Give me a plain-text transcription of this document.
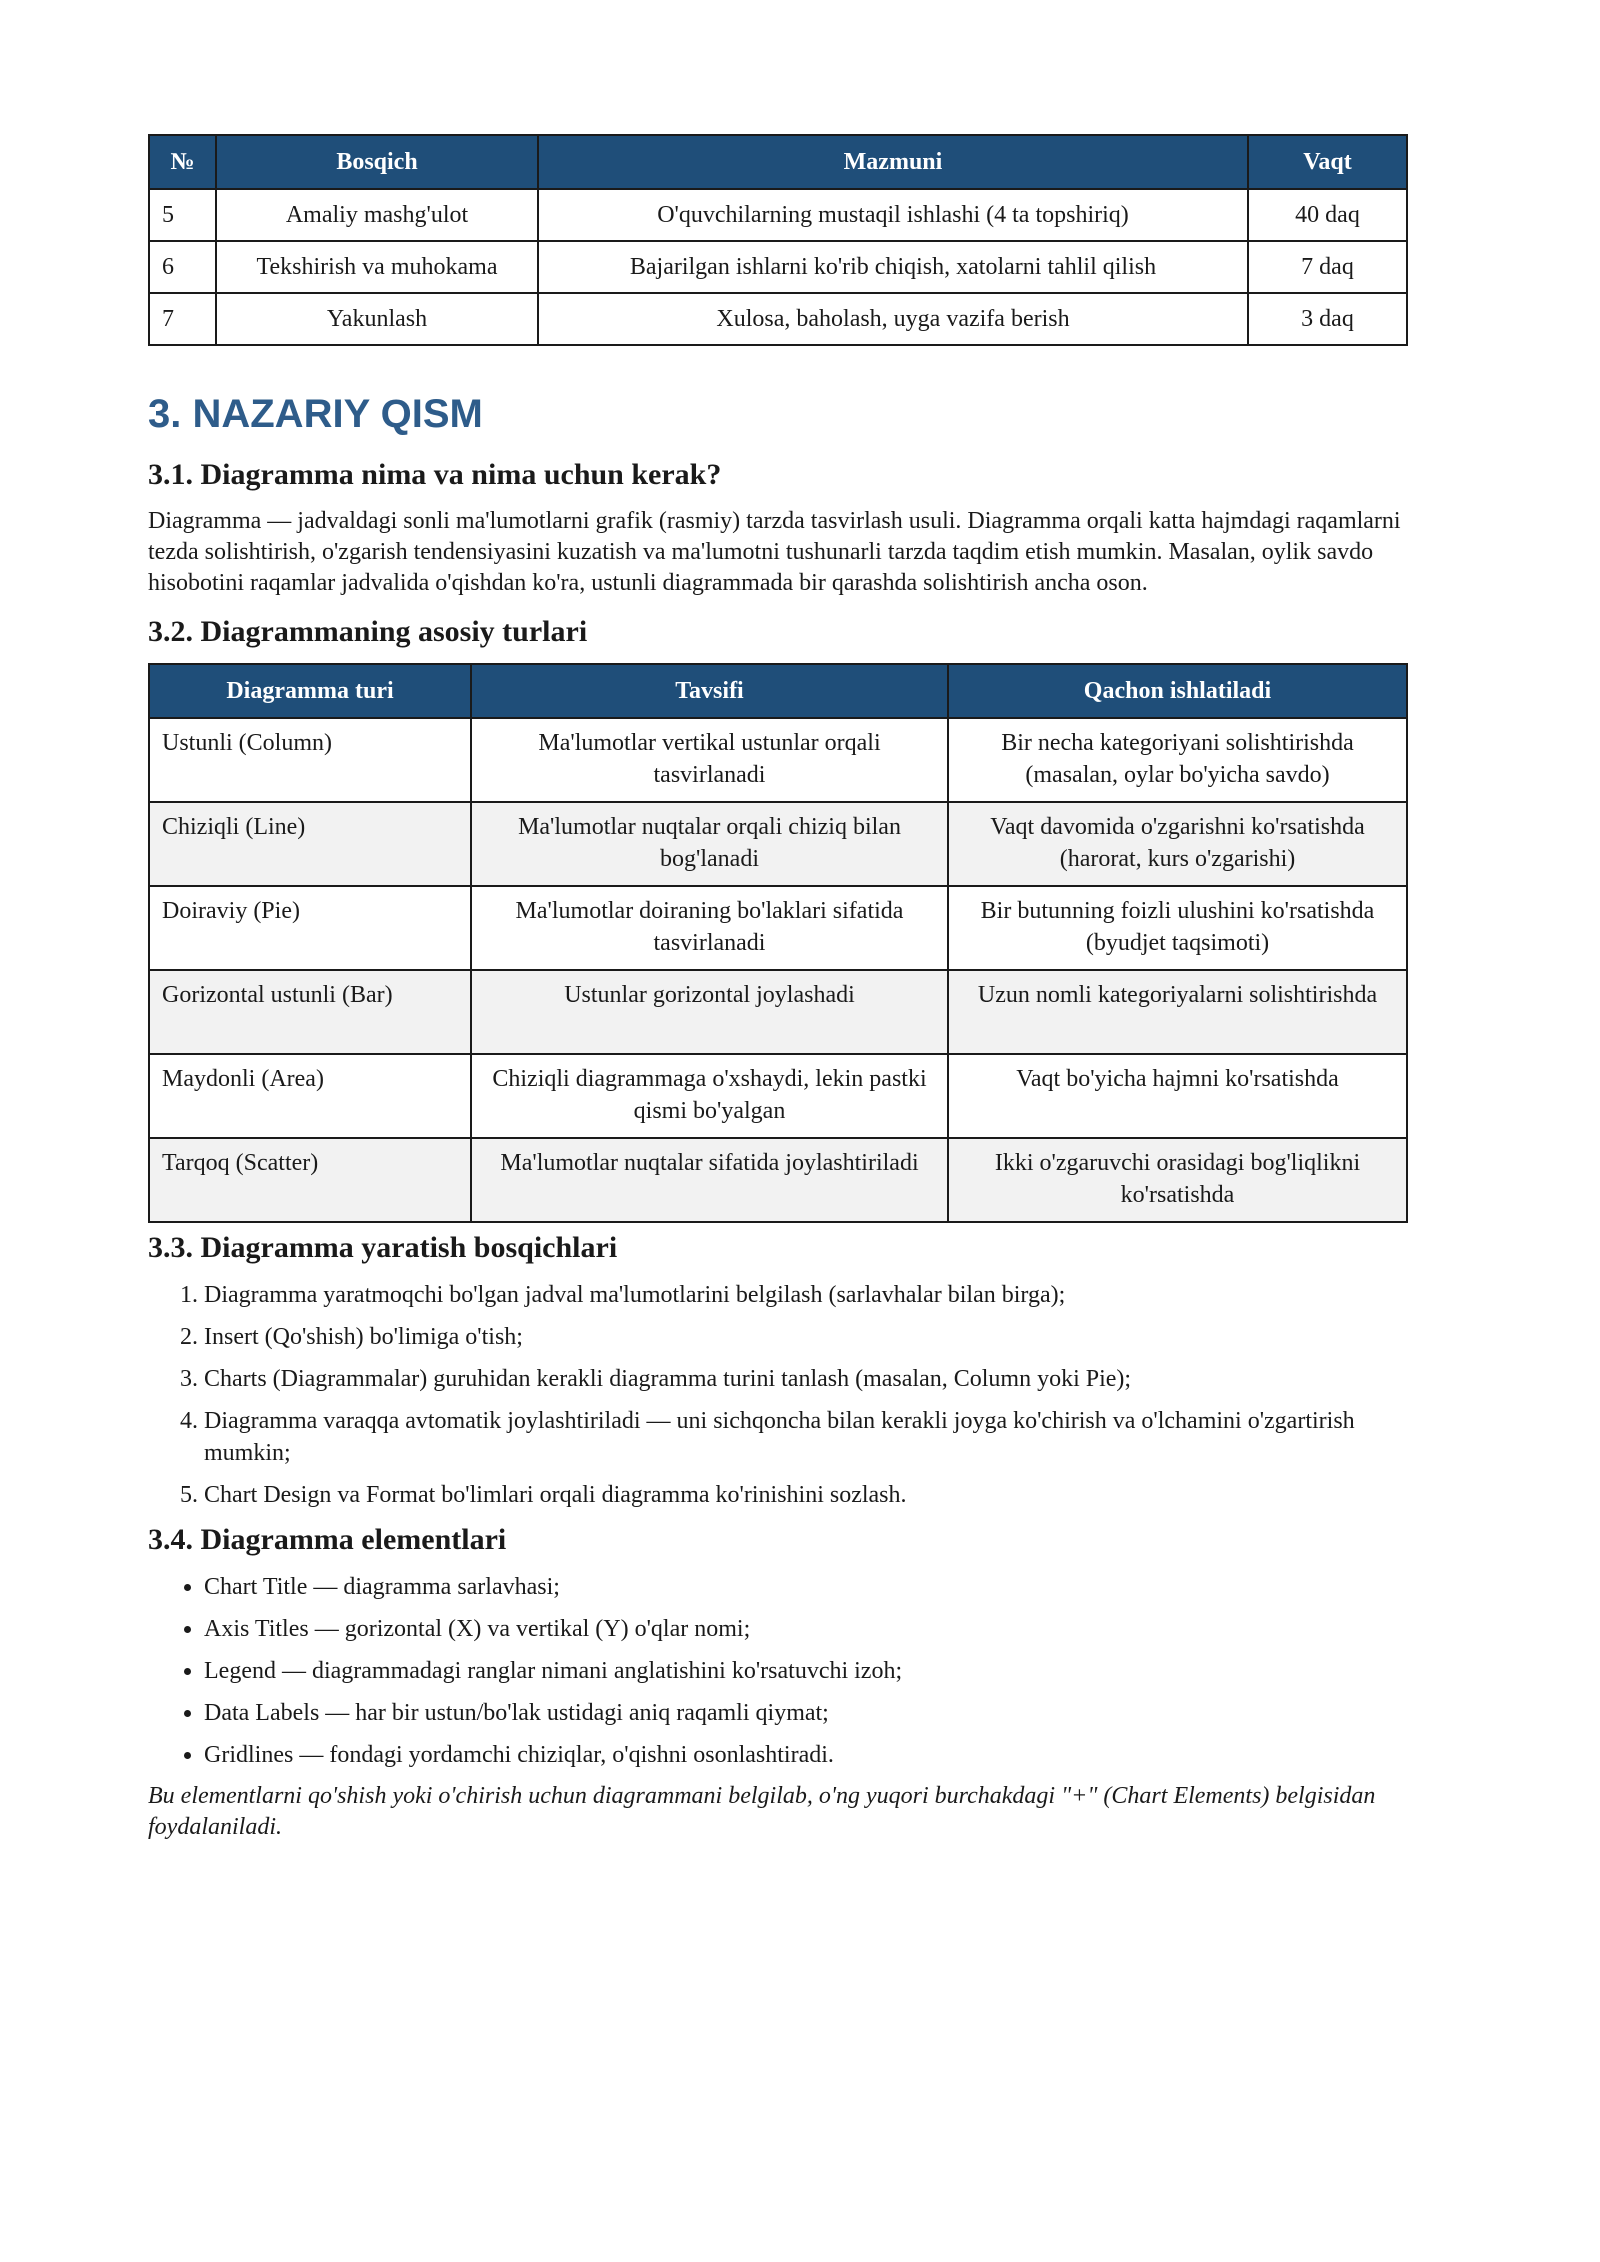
№	Bosqich	Mazmuni	Vaqt
5	Amaliy mashg'ulot	O'quvchilarning mustaqil ishlashi (4 ta topshiriq)	40 daq
6	Tekshirish va muhokama	Bajarilgan ishlarni ko'rib chiqish, xatolarni tahlil qilish	7 daq
7	Yakunlash	Xulosa, baholash, uyga vazifa berish	3 daq
3. NAZARIY QISM
3.1. Diagramma nima va nima uchun kerak?

Diagramma — jadvaldagi sonli ma'lumotlarni grafik (rasmiy) tarzda tasvirlash usuli. Diagramma orqali katta hajmdagi raqamlarni tezda solishtirish, o'zgarish tendensiyasini kuzatish va ma'lumotni tushunarli tarzda taqdim etish mumkin. Masalan, oylik savdo hisobotini raqamlar jadvalida o'qishdan ko'ra, ustunli diagrammada bir qarashda solishtirish ancha oson.

3.2. Diagrammaning asosiy turlari
Diagramma turi	Tavsifi	Qachon ishlatiladi
Ustunli (Column)	Ma'lumotlar vertikal ustunlar orqali tasvirlanadi	Bir necha kategoriyani solishtirishda (masalan, oylar bo'yicha savdo)
Chiziqli (Line)	Ma'lumotlar nuqtalar orqali chiziq bilan bog'lanadi	Vaqt davomida o'zgarishni ko'rsatishda (harorat, kurs o'zgarishi)
Doiraviy (Pie)	Ma'lumotlar doiraning bo'laklari sifatida tasvirlanadi	Bir butunning foizli ulushini ko'rsatishda (byudjet taqsimoti)
Gorizontal ustunli (Bar)	Ustunlar gorizontal joylashadi	Uzun nomli kategoriyalarni solishtirishda
Maydonli (Area)	Chiziqli diagrammaga o'xshaydi, lekin pastki qismi bo'yalgan	Vaqt bo'yicha hajmni ko'rsatishda
Tarqoq (Scatter)	Ma'lumotlar nuqtalar sifatida joylashtiriladi	Ikki o'zgaruvchi orasidagi bog'liqlikni ko'rsatishda
3.3. Diagramma yaratish bosqichlari
1. Diagramma yaratmoqchi bo'lgan jadval ma'lumotlarini belgilash (sarlavhalar bilan birga);
2. Insert (Qo'shish) bo'limiga o'tish;
3. Charts (Diagrammalar) guruhidan kerakli diagramma turini tanlash (masalan, Column yoki Pie);
4. Diagramma varaqqa avtomatik joylashtiriladi — uni sichqoncha bilan kerakli joyga ko'chirish va o'lchamini o'zgartirish mumkin;
5. Chart Design va Format bo'limlari orqali diagramma ko'rinishini sozlash.
3.4. Diagramma elementlari
• Chart Title — diagramma sarlavhasi;
• Axis Titles — gorizontal (X) va vertikal (Y) o'qlar nomi;
• Legend — diagrammadagi ranglar nimani anglatishini ko'rsatuvchi izoh;
• Data Labels — har bir ustun/bo'lak ustidagi aniq raqamli qiymat;
• Gridlines — fondagi yordamchi chiziqlar, o'qishni osonlashtiradi.

Bu elementlarni qo'shish yoki o'chirish uchun diagrammani belgilab, o'ng yuqori burchakdagi "+" (Chart Elements) belgisidan foydalaniladi.
